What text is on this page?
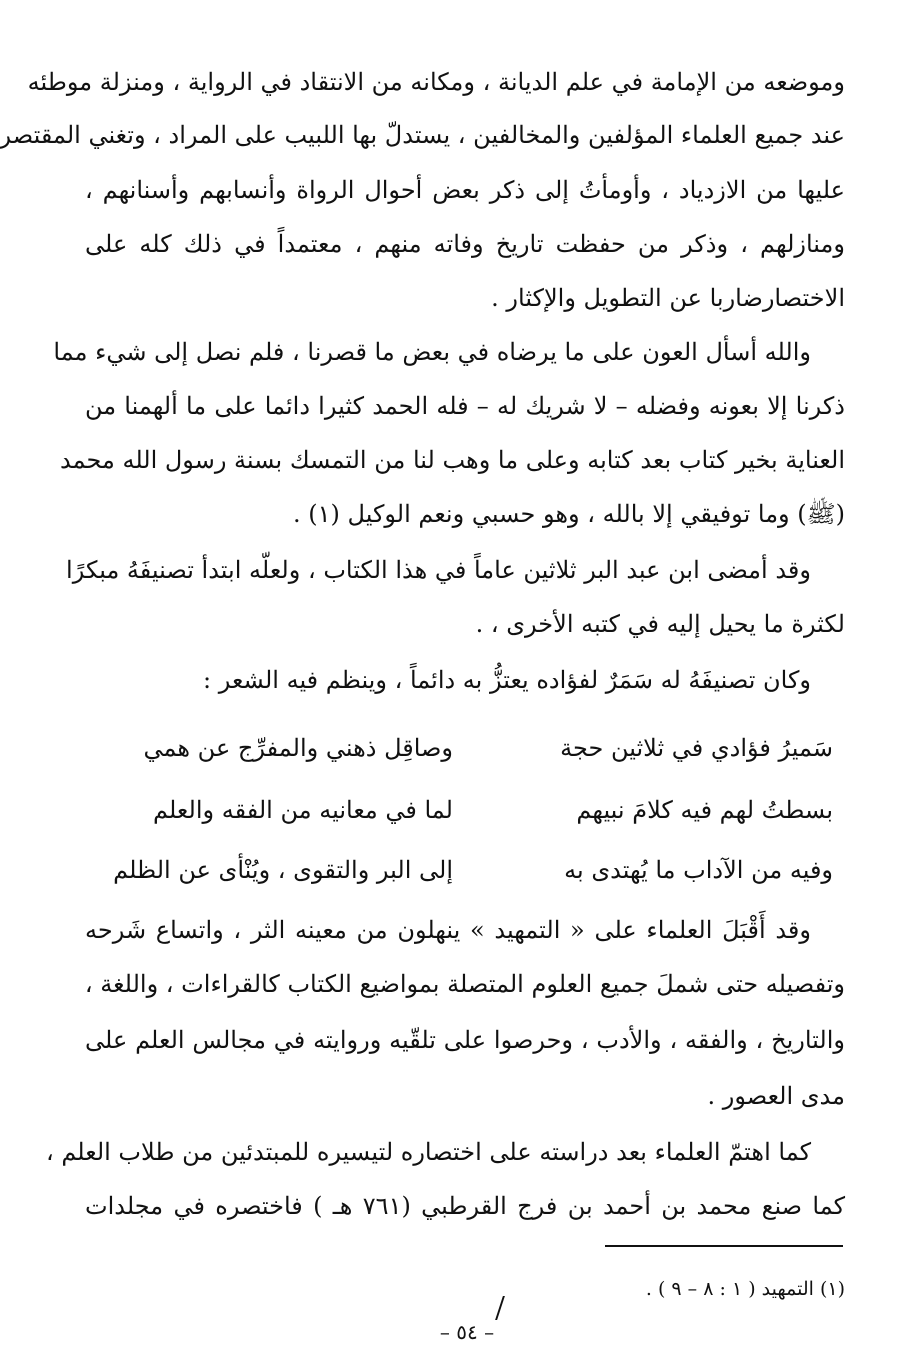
وموضعه من الإمامة في علم الديانة ، ومكانه من الانتقاد في الرواية ، ومنزلة موطئه
عند جميع العلماء المؤلفين والمخالفين ، يستدلّ بها اللبيب على المراد ، وتغني المقتصر
عليها من الازدياد ، وأومأتُ إلى ذكر بعض أحوال الرواة وأنسابهم وأسنانهم ،
ومنازلهم ، وذكر من حفظت تاريخ وفاته منهم ، معتمداً في ذلك كله على
الاختصارضاربا عن التطويل والإكثار .
والله أسأل العون على ما يرضاه في بعض ما قصرنا ، فلم نصل إلى شيء مما
ذكرنا إلا بعونه وفضله – لا شريك له – فله الحمد كثيرا دائما على ما ألهمنا من
العناية بخير كتاب بعد كتابه وعلى ما وهب لنا من التمسك بسنة رسول الله محمد
(ﷺ) وما توفيقي إلا بالله ، وهو حسبي ونعم الوكيل (١) .
وقد أمضى ابن عبد البر ثلاثين عاماً في هذا الكتاب ، ولعلّه ابتدأ تصنيفَهُ مبكرًا
لكثرة ما يحيل إليه في كتبه الأخرى ، .
وكان تصنيفَهُ له سَمَرٌ لفؤاده يعتزُّ به دائماً ، وينظم فيه الشعر :
سَميرُ فؤادي في ثلاثين حجة
وصاقِل ذهني والمفرِّج عن همي
بسطتُ لهم فيه كلامَ نبيهم
لما في معانيه من الفقه والعلم
وفيه من الآداب ما يُهتدى به
إلى البر والتقوى ، ويُنْأى عن الظلم
وقد أَقْبَلَ العلماء على « التمهيد » ينهلون من معينه الثر ، واتساع شَرحه
وتفصيله حتى شملَ جميع العلوم المتصلة بمواضيع الكتاب كالقراءات ، واللغة ،
والتاريخ ، والفقه ، والأدب ، وحرصوا على تلقّيه وروايته في مجالس العلم على
مدى العصور .
كما اهتمّ العلماء بعد دراسته على اختصاره لتيسيره للمبتدئين من طلاب العلم ،
كما صنع محمد بن أحمد بن فرج القرطبي (٧٦١ هـ ) فاختصره في مجلدات
(١) التمهيد ( ١ : ٨ – ٩ ) .
– ٥٤ –
